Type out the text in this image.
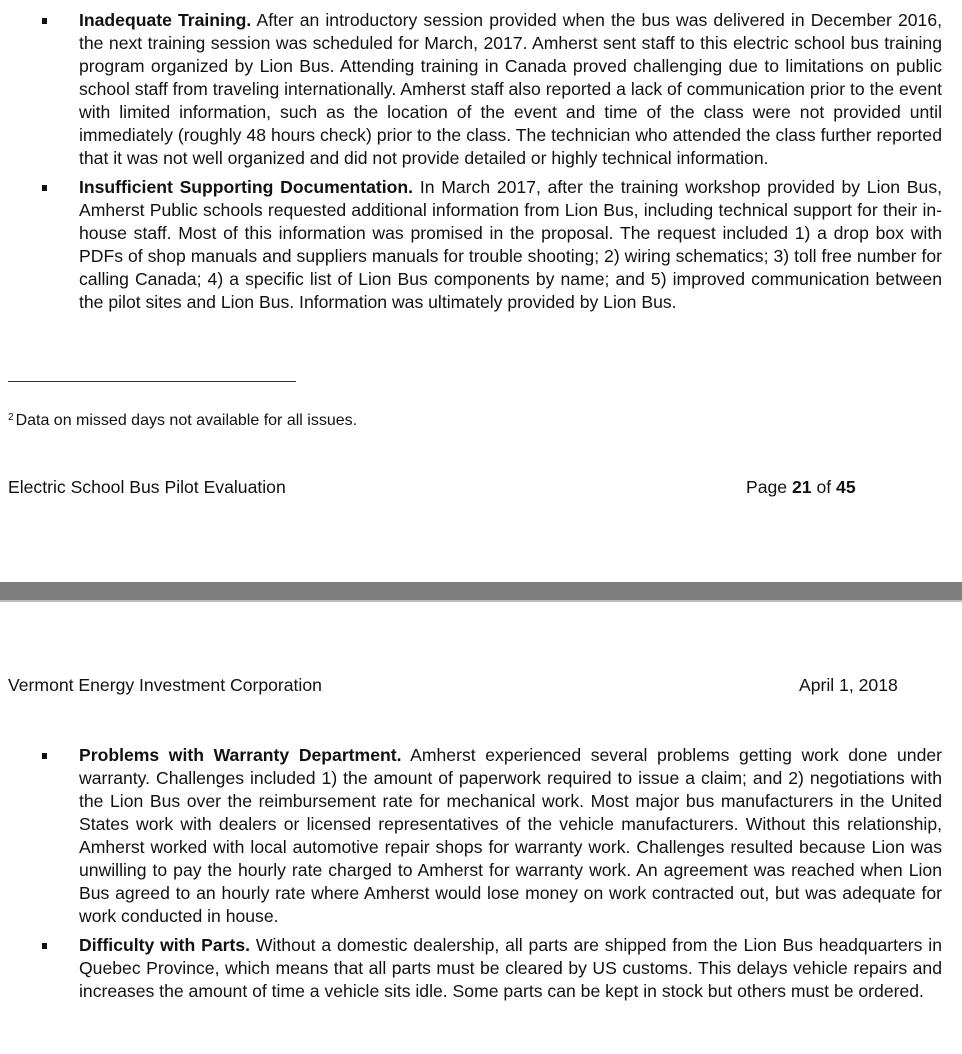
Inadequate Training. After an introductory session provided when the bus was delivered in December 2016, the next training session was scheduled for March, 2017. Amherst sent staff to this electric school bus training program organized by Lion Bus. Attending training in Canada proved challenging due to limitations on public school staff from traveling internationally. Amherst staff also reported a lack of communication prior to the event with limited information, such as the location of the event and time of the class were not provided until immediately (roughly 48 hours check) prior to the class. The technician who attended the class further reported that it was not well organized and did not provide detailed or highly technical information.
Insufficient Supporting Documentation. In March 2017, after the training workshop provided by Lion Bus, Amherst Public schools requested additional information from Lion Bus, including technical support for their in-house staff. Most of this information was promised in the proposal. The request included 1) a drop box with PDFs of shop manuals and suppliers manuals for trouble shooting; 2) wiring schematics; 3) toll free number for calling Canada; 4) a specific list of Lion Bus components by name; and 5) improved communication between the pilot sites and Lion Bus. Information was ultimately provided by Lion Bus.
$^2$ Data on missed days not available for all issues.
Electric School Bus Pilot Evaluation	Page 21 of 45
Vermont Energy Investment Corporation	April 1, 2018
Problems with Warranty Department. Amherst experienced several problems getting work done under warranty. Challenges included 1) the amount of paperwork required to issue a claim; and 2) negotiations with the Lion Bus over the reimbursement rate for mechanical work. Most major bus manufacturers in the United States work with dealers or licensed representatives of the vehicle manufacturers. Without this relationship, Amherst worked with local automotive repair shops for warranty work. Challenges resulted because Lion was unwilling to pay the hourly rate charged to Amherst for warranty work. An agreement was reached when Lion Bus agreed to an hourly rate where Amherst would lose money on work contracted out, but was adequate for work conducted in house.
Difficulty with Parts. Without a domestic dealership, all parts are shipped from the Lion Bus headquarters in Quebec Province, which means that all parts must be cleared by US customs. This delays vehicle repairs and increases the amount of time a vehicle sits idle. Some parts can be kept in stock but others must be ordered.
